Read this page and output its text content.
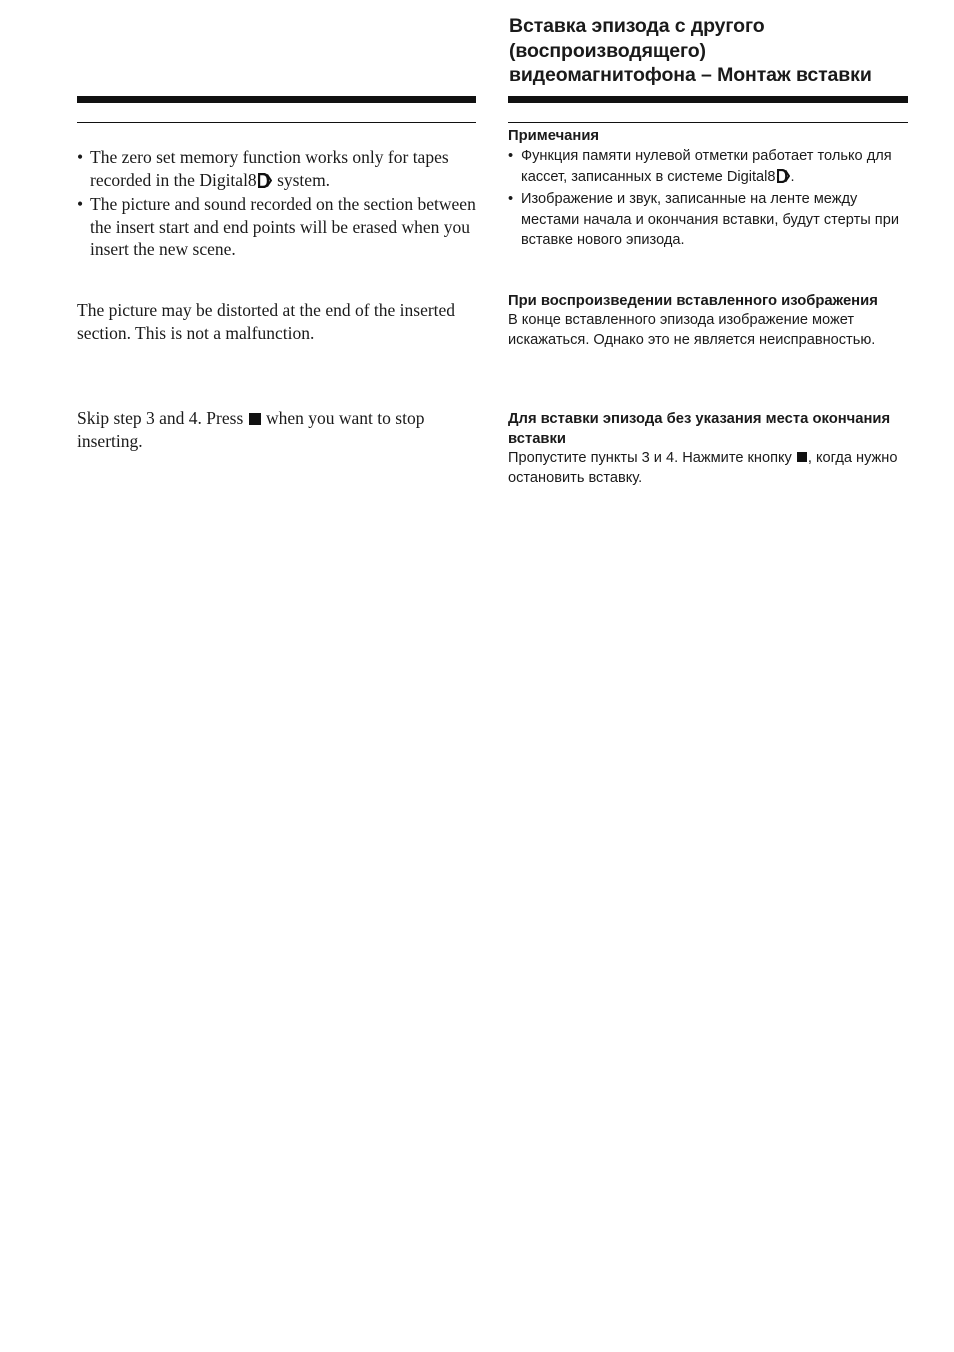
• The zero set memory function works only for tapes recorded in the Digital8 system.
• The picture and sound recorded on the section between the insert start and end points will be erased when you insert the new scene.
The picture may be distorted at the end of the inserted section. This is not a malfunction.
Skip step 3 and 4. Press  when you want to stop inserting.
Вставка эпизода с другого
(воспроизводящего)
видеомагнитофона – Монтаж вставки
Примечания
• Функция памяти нулевой отметки работает только для кассет, записанных в системе Digital8 .
• Изображение и звук, записанные на ленте между местами начала и окончания вставки, будут стерты при вставке нового эпизода.
При воспроизведении вставленного изображения
В конце вставленного эпизода изображение может искажаться. Однако это не является неисправностью.
Для вставки эпизода без указания места окончания вставки
Пропустите пункты 3 и 4. Нажмите кнопку , когда нужно остановить вставку.
